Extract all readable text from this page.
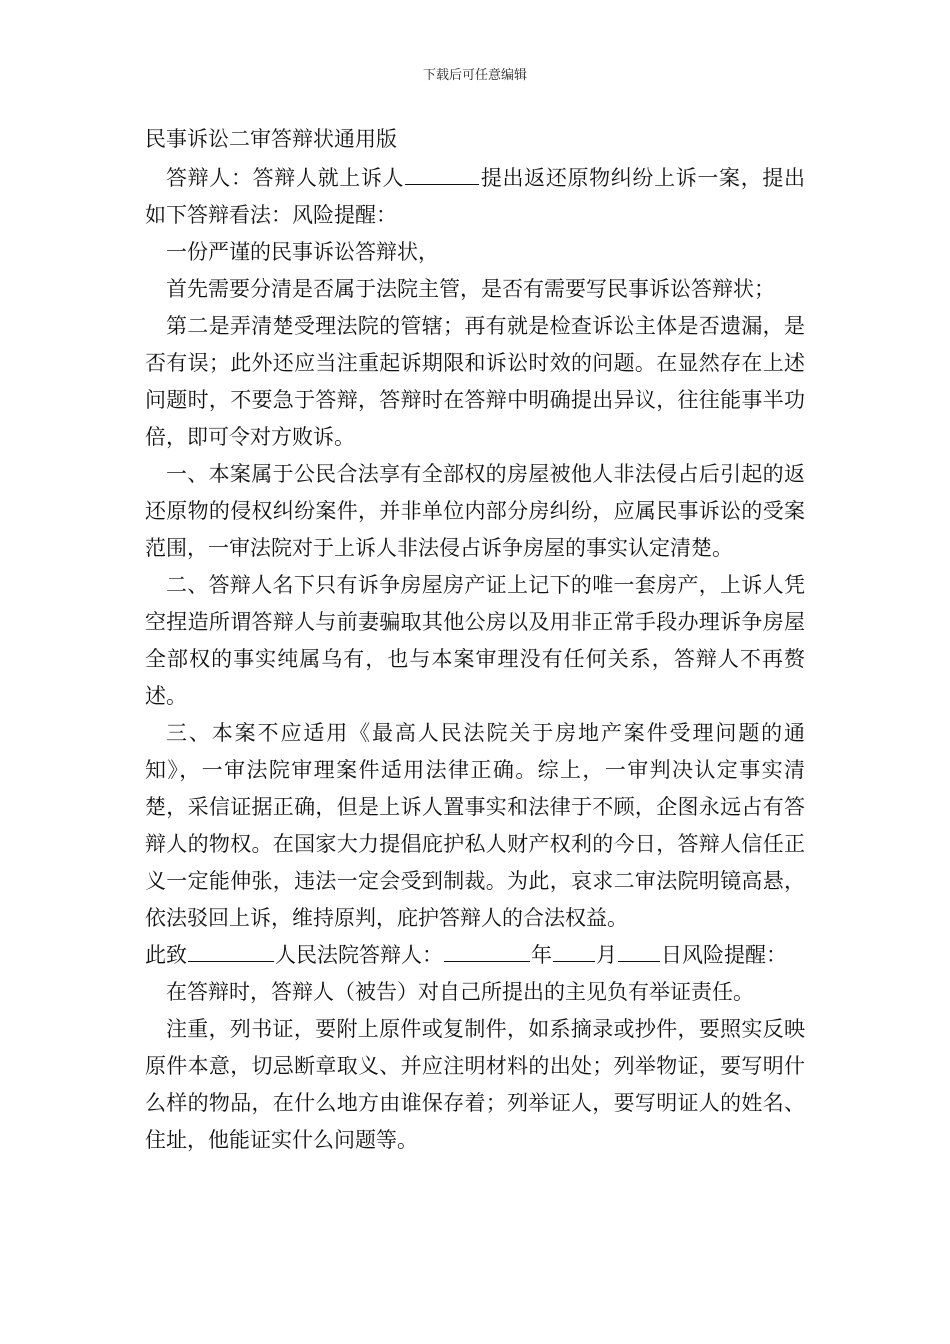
下载后可任意编辑
民事诉讼二审答辩状通用版

答辩人：答辩人就上诉人	提出返还原物纠纷上诉一案，提出如下答辩看法：风险提醒：

一份严谨的民事诉讼答辩状，

首先需要分清是否属于法院主管，是否有需要写民事诉讼答辩状；

第二是弄清楚受理法院的管辖；再有就是检查诉讼主体是否遗漏，是否有误；此外还应当注重起诉期限和诉讼时效的问题。在显然存在上述问题时，不要急于答辩，答辩时在答辩中明确提出异议，往往能事半功倍，即可令对方败诉。

一、本案属于公民合法享有全部权的房屋被他人非法侵占后引起的返还原物的侵权纠纷案件，并非单位内部分房纠纷，应属民事诉讼的受案范围，一审法院对于上诉人非法侵占诉争房屋的事实认定清楚。

二、答辩人名下只有诉争房屋房产证上记下的唯一套房产，上诉人凭空捏造所谓答辩人与前妻骗取其他公房以及用非正常手段办理诉争房屋全部权的事实纯属乌有，也与本案审理没有任何关系，答辩人不再赘述。

三、本案不应适用《最高人民法院关于房地产案件受理问题的通知》，一审法院审理案件适用法律正确。综上，一审判决认定事实清楚，采信证据正确，但是上诉人置事实和法律于不顾，企图永远占有答辩人的物权。在国家大力提倡庇护私人财产权利的今日，答辩人信任正义一定能伸张，违法一定会受到制裁。为此，哀求二审法院明镜高悬，依法驳回上诉，维持原判，庇护答辩人的合法权益。

此致	人民法院答辩人：	年 月 日风险提醒：

在答辩时，答辩人（被告）对自己所提出的主见负有举证责任。

注重，列书证，要附上原件或复制件，如系摘录或抄件，要照实反映原件本意，切忌断章取义、并应注明材料的出处；列举物证，要写明什么样的物品，在什么地方由谁保存着；列举证人，要写明证人的姓名、住址，他能证实什么问题等。
